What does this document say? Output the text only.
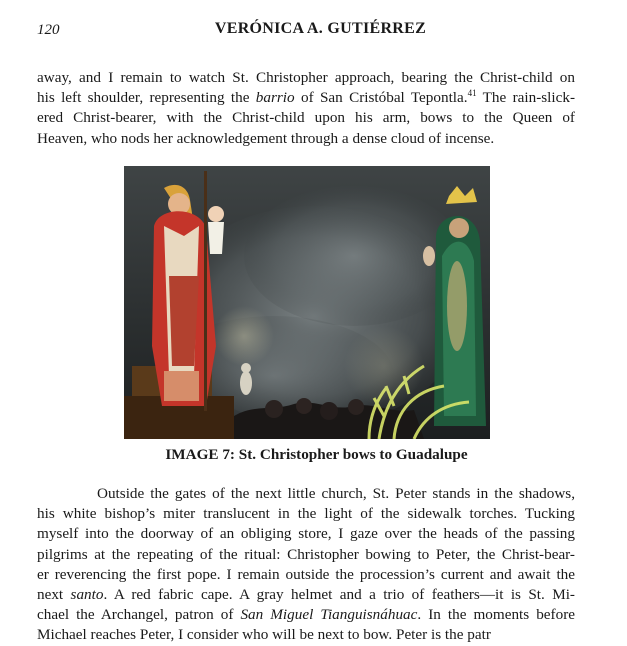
120	VERÓNICA A. GUTIÉRREZ
away, and I remain to watch St. Christopher approach, bearing the Christ-child on
his left shoulder, representing the barrio of San Cristóbal Tepontla.$^{41}$ The rain-slick-
ered Christ-bearer, with the Christ-child upon his arm, bows to the Queen of
Heaven, who nods her acknowledgement through a dense cloud of incense.
IMAGE 7: St. Christopher bows to Guadalupe
Outside the gates of the next little church, St. Peter stands in the shadows,
his white bishop’s miter translucent in the light of the sidewalk torches. Tucking
myself into the doorway of an obliging store, I gaze over the heads of the passing
pilgrims at the repeating of the ritual: Christopher bowing to Peter, the Christ-bear-
er reverencing the first pope. I remain outside the procession’s current and await the
next santo. A red fabric cape. A gray helmet and a trio of feathers—it is St. Mi-
chael the Archangel, patron of San Miguel Tianguisnáhuac. In the moments before
Michael reaches Peter, I consider who will be next to bow. Peter is the patr
